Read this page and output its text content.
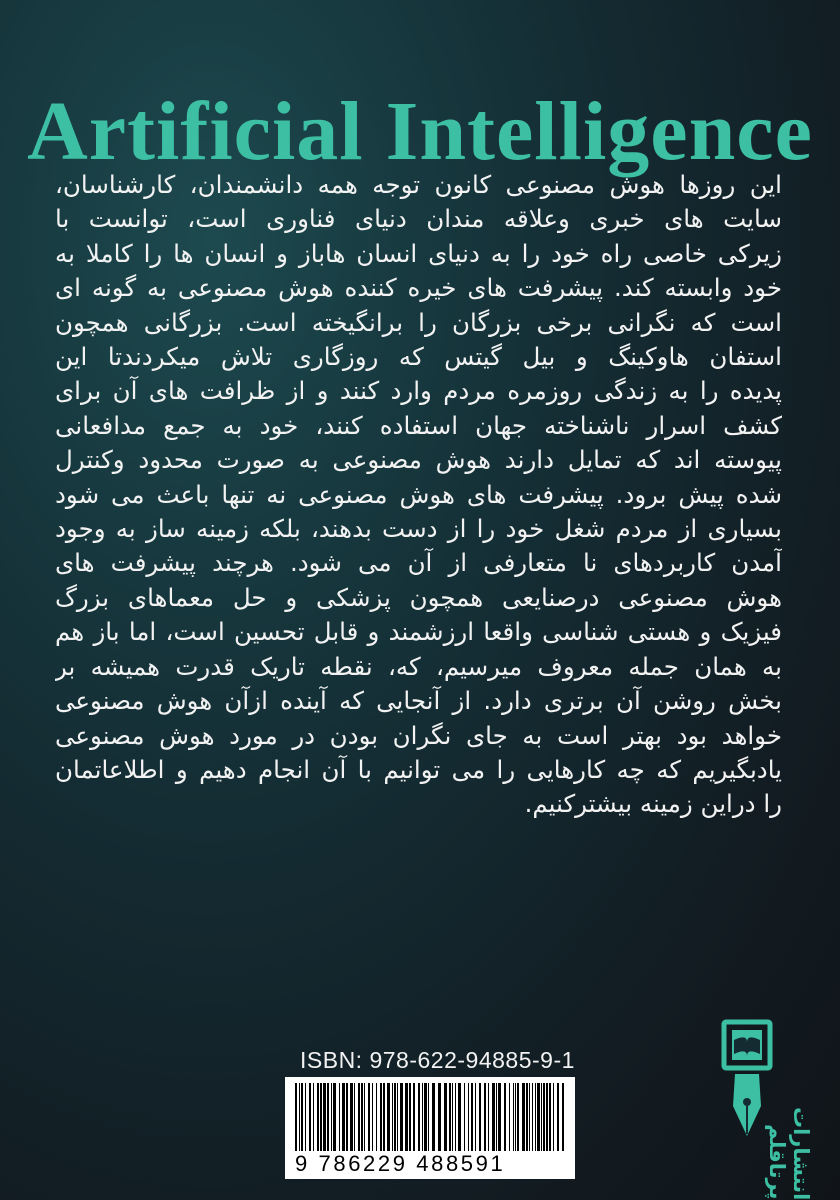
Artificial Intelligence
این روزها هوش مصنوعی کانون توجه همه دانشمندان، کارشناسان،
سایت های خبری وعلاقه مندان دنیای فناوری است، توانست با
زیرکی خاصی راه خود را به دنیای انسان هاباز و انسان ها را کاملا به
خود وابسته کند. پیشرفت های خیره کننده هوش مصنوعی به گونه ای
است که نگرانی برخی بزرگان را برانگیخته است. بزرگانی همچون
استفان هاوکینگ و بیل گیتس که روزگاری تلاش میکردندتا این
پدیده را به زندگی روزمره مردم وارد کنند و از ظرافت های آن برای
کشف اسرار ناشناخته جهان استفاده کنند، خود به جمع مدافعانی
پیوسته اند که تمایل دارند هوش مصنوعی به صورت محدود وکنترل
شده پیش برود. پیشرفت های هوش مصنوعی نه تنها باعث می شود
بسیاری از مردم شغل خود را از دست بدهند، بلکه زمینه ساز به وجود
آمدن کاربردهای نا متعارفی از آن می شود. هرچند پیشرفت های
هوش مصنوعی درصنایعی همچون پزشکی و حل معماهای بزرگ
فیزیک و هستی شناسی واقعا ارزشمند و قابل تحسین است، اما باز هم
به همان جمله معروف میرسیم، که، نقطه تاریک قدرت همیشه بر
بخش روشن آن برتری دارد. از آنجایی که آینده ازآن هوش مصنوعی
خواهد بود بهتر است به جای نگران بودن در مورد هوش مصنوعی
یادبگیریم که چه کارهایی را می توانیم با آن انجام دهیم و اطلاعاتمان
را دراین زمینه بیشترکنیم.
ISBN: 978-622-94885-9-1
9 786229 488591	انتشارات پرتاقلم
